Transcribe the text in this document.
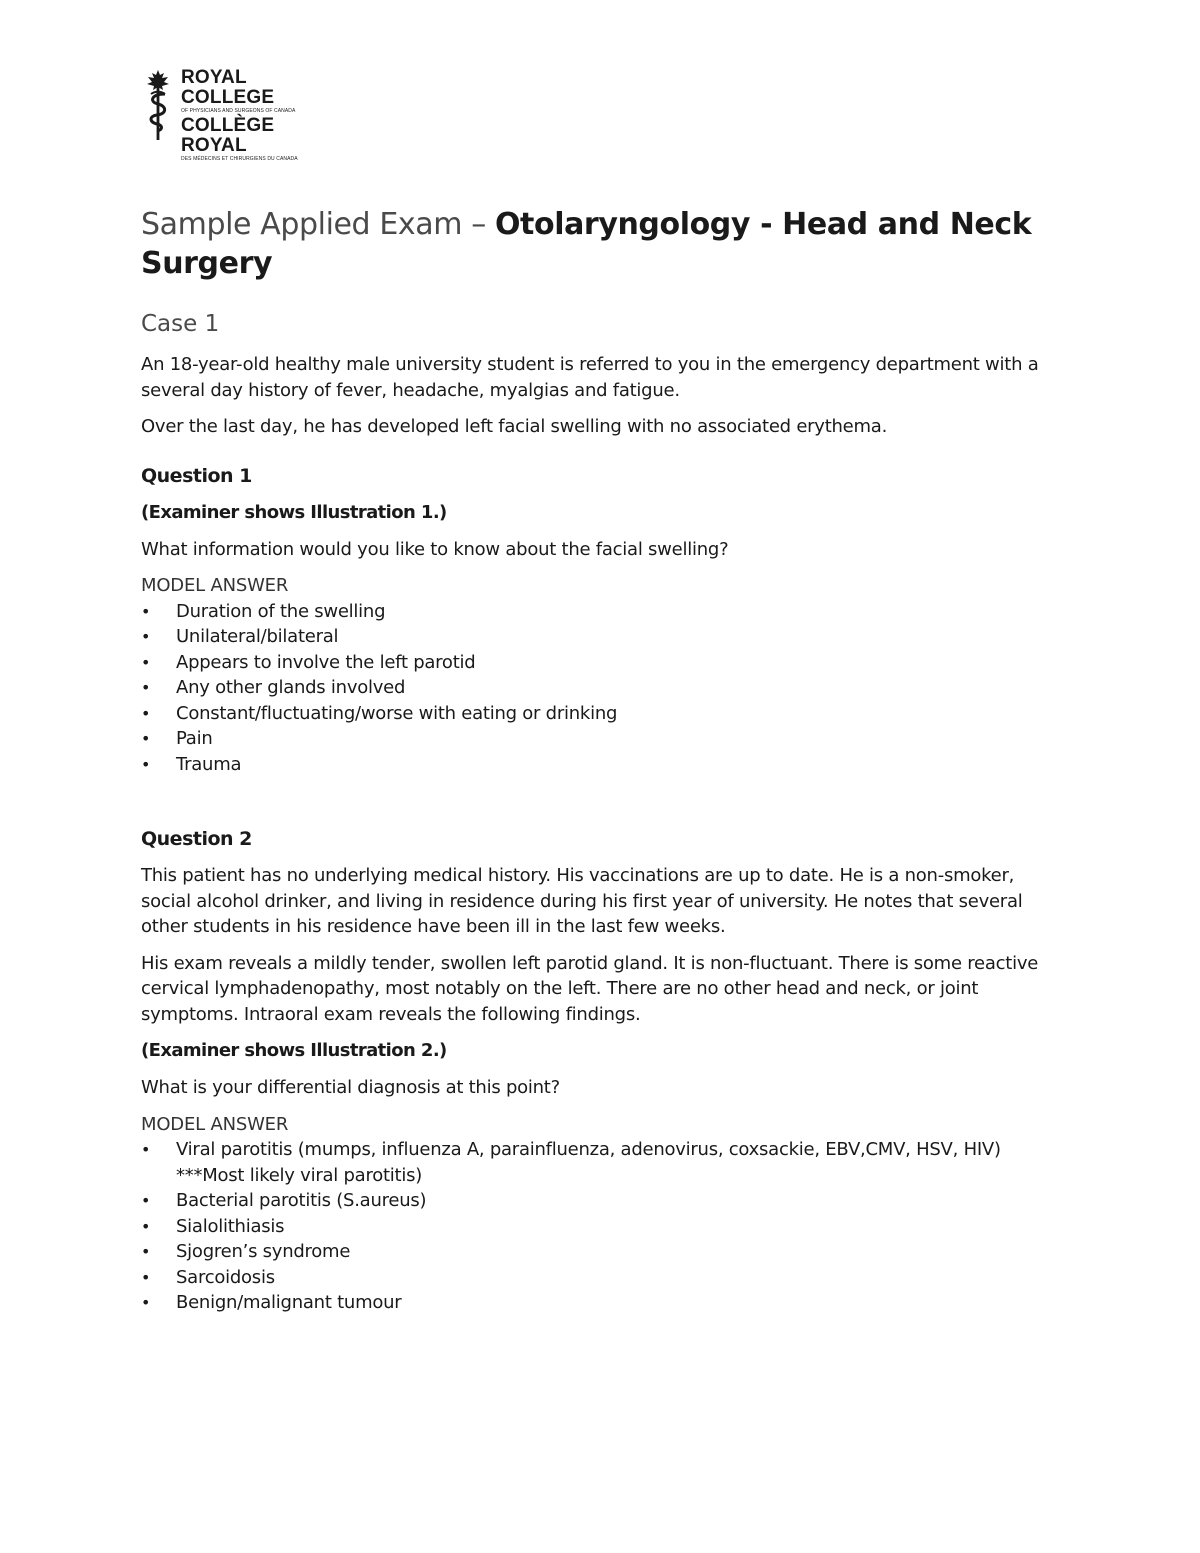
ROYAL COLLEGE
OF PHYSICIANS AND SURGEONS OF CANADA
COLLÈGE ROYAL
DES MÉDECINS ET CHIRURGIENS DU CANADA
Sample Applied Exam – Otolaryngology - Head and Neck Surgery
Case 1

An 18-year-old healthy male university student is referred to you in the emergency department with a several day history of fever, headache, myalgias and fatigue.

Over the last day, he has developed left facial swelling with no associated erythema.

Question 1
(Examiner shows Illustration 1.)

What information would you like to know about the facial swelling?

MODEL ANSWER
• Duration of the swelling
• Unilateral/bilateral
• Appears to involve the left parotid
• Any other glands involved
• Constant/fluctuating/worse with eating or drinking
• Pain
• Trauma
Question 2

This patient has no underlying medical history. His vaccinations are up to date. He is a non-smoker, social alcohol drinker, and living in residence during his first year of university. He notes that several other students in his residence have been ill in the last few weeks.

His exam reveals a mildly tender, swollen left parotid gland. It is non-fluctuant. There is some reactive cervical lymphadenopathy, most notably on the left. There are no other head and neck, or joint symptoms. Intraoral exam reveals the following findings.

(Examiner shows Illustration 2.)

What is your differential diagnosis at this point?

MODEL ANSWER
• Viral parotitis (mumps, influenza A, parainfluenza, adenovirus, coxsackie, EBV,CMV, HSV, HIV) ***Most likely viral parotitis)
• Bacterial parotitis (S.aureus)
• Sialolithiasis
• Sjogren’s syndrome
• Sarcoidosis
• Benign/malignant tumour
